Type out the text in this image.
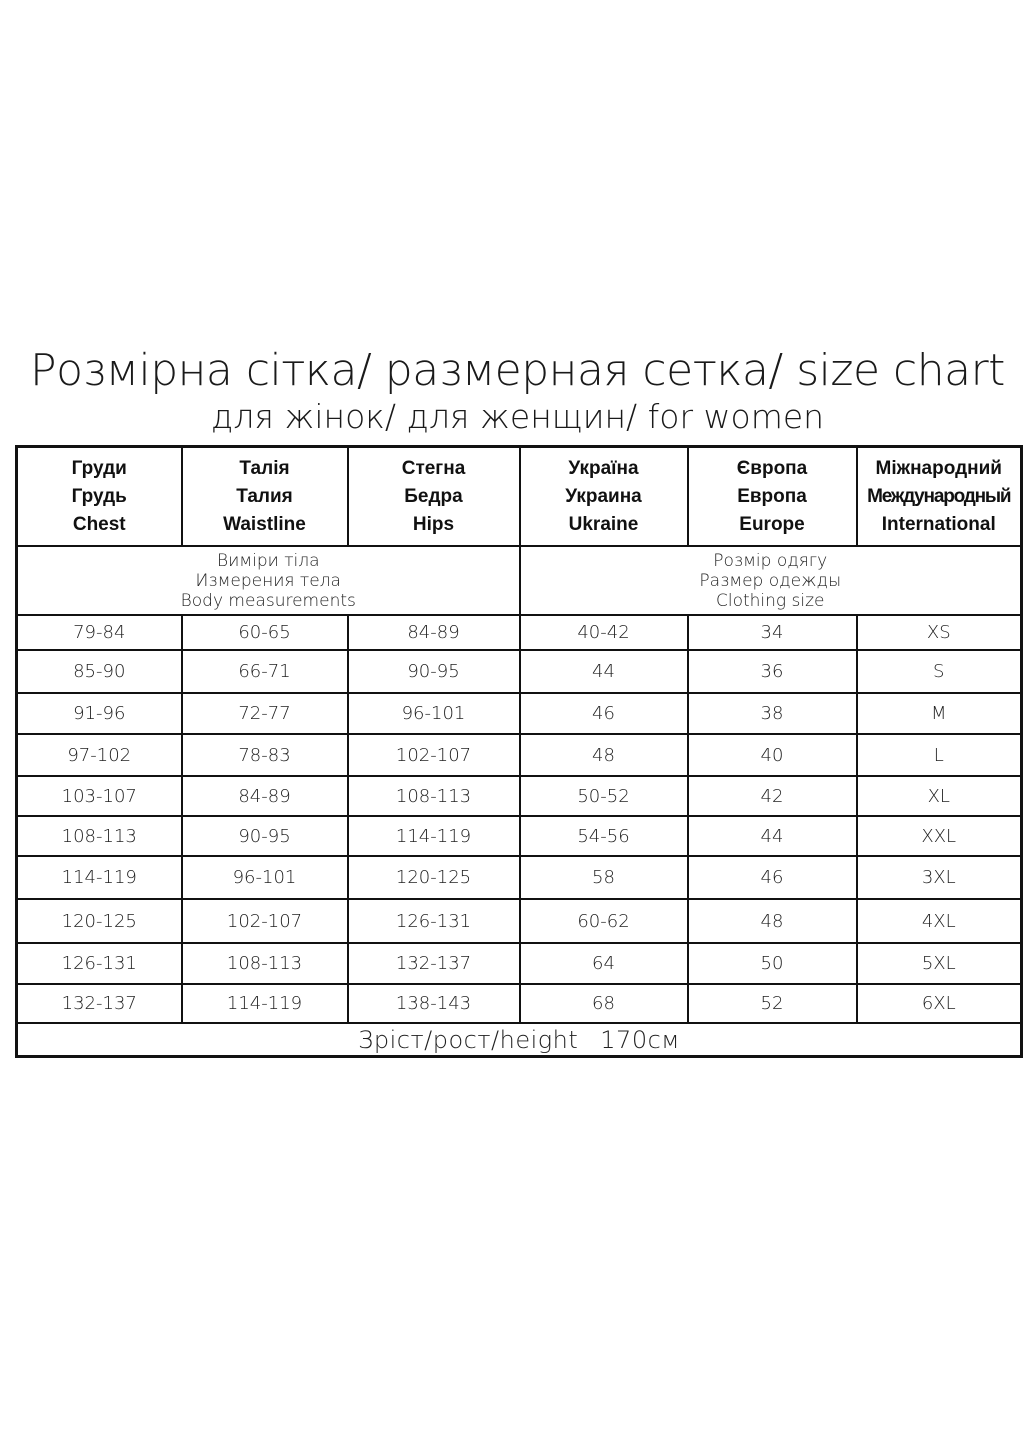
Розмірна сітка/ размерная сетка/ size chart
для жінок/ для женщин/ for women
Груди
Грудь
Chest	Талія
Талия
Waistline	Стегна
Бедра
Hips	Україна
Украина
Ukraine	Європа
Европа
Europe	Міжнародний
Международный
International

Виміри тіла
Измерения тела
Body measurements			Розмір одягу
Размер одежды
Clothing size		

79-84	60-65	84-89	40-42	34	XS
85-90	66-71	90-95	44	36	S
91-96	72-77	96-101	46	38	M
97-102	78-83	102-107	48	40	L
103-107	84-89	108-113	50-52	42	XL
108-113	90-95	114-119	54-56	44	XXL
114-119	96-101	120-125	58	46	3XL
120-125	102-107	126-131	60-62	48	4XL
126-131	108-113	132-137	64	50	5XL
132-137	114-119	138-143	68	52	6XL
Зріст/рост/height 170см					
